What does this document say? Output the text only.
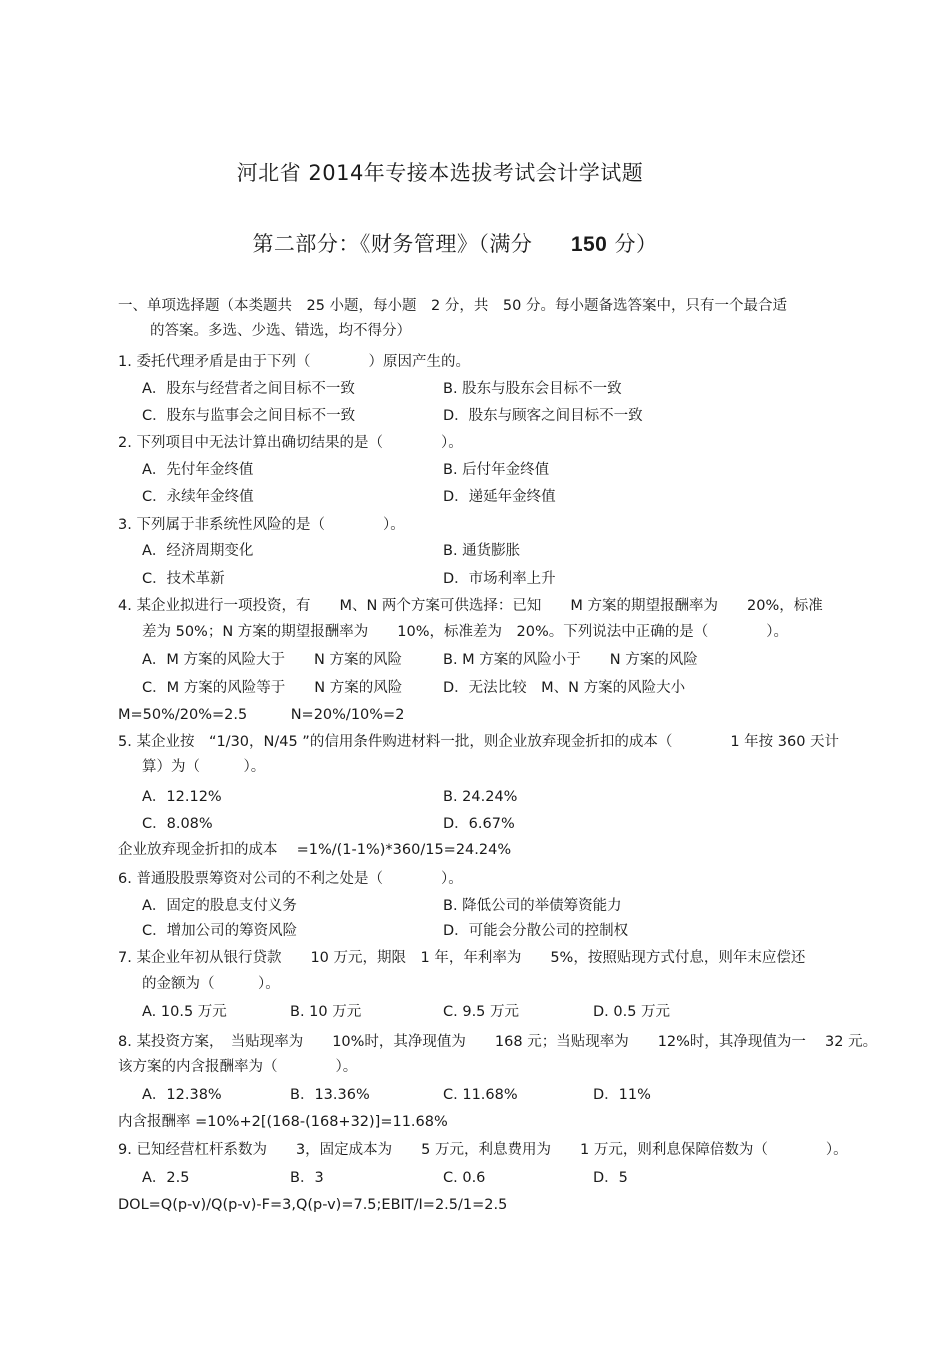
河北省 2014年专接本选拔考试会计学试题
第二部分：《财务管理》（满分 150 分）
一、单项选择题（本类题共　25 小题，每小题　2 分，共　50 分。每小题备选答案中，只有一个最合适
的答案。多选、少选、错选，均不得分）
1. 委托代理矛盾是由于下列（　　　　）原因产生的。
A．股东与经营者之间目标不一致	B. 股东与股东会目标不一致
C．股东与监事会之间目标不一致	D．股东与顾客之间目标不一致
2. 下列项目中无法计算出确切结果的是（　　　　）。
A．先付年金终值	B. 后付年金终值
C．永续年金终值	D．递延年金终值
3. 下列属于非系统性风险的是（　　　　）。
A．经济周期变化	B. 通货膨胀
C．技术革新	D．市场利率上升
4. 某企业拟进行一项投资，有　　M、N 两个方案可供选择：已知　　M 方案的期望报酬率为　　20%，标准
差为 50%；N 方案的期望报酬率为　　10%，标准差为　20%。下列说法中正确的是（　　　　）。
A．M 方案的风险大于　　N 方案的风险	B. M 方案的风险小于　　N 方案的风险
C．M 方案的风险等于　　N 方案的风险	D．无法比较　M、N 方案的风险大小
M=50%/20%=2.5　　　N=20%/10%=2
5. 某企业按　“1/30，N/45 ”的信用条件购进材料一批，则企业放弃现金折扣的成本（　　　　1 年按 360 天计
算）为（　　　）。
A．12.12%	B. 24.24%
C．8.08%	D．6.67%
企业放弃现金折扣的成本　 =1%/(1-1%)*360/15=24.24%
6. 普通股股票筹资对公司的不利之处是（　　　　）。
A．固定的股息支付义务	B. 降低公司的举债筹资能力
C．增加公司的筹资风险	D．可能会分散公司的控制权
7. 某企业年初从银行贷款　　10 万元，期限　1 年，年利率为　　5%，按照贴现方式付息，则年末应偿还
的金额为（　　　）。
A. 10.5 万元	B. 10 万元	C. 9.5 万元	D. 0.5 万元
8. 某投资方案，　当贴现率为　　10%时，其净现值为　　168 元；当贴现率为　　12%时，其净现值为一　 32 元。
该方案的内含报酬率为（　　　　）。
A．12.38%	B．13.36%	C. 11.68%	D．11%
内含报酬率 =10%+2[(168-(168+32)]=11.68%
9. 已知经营杠杆系数为　　3，固定成本为　　5 万元，利息费用为　　1 万元，则利息保障倍数为（　　　　）。
A．2.5	B．3	C. 0.6	D．5
DOL=Q(p-v)/Q(p-v)-F=3,Q(p-v)=7.5;EBIT/I=2.5/1=2.5
